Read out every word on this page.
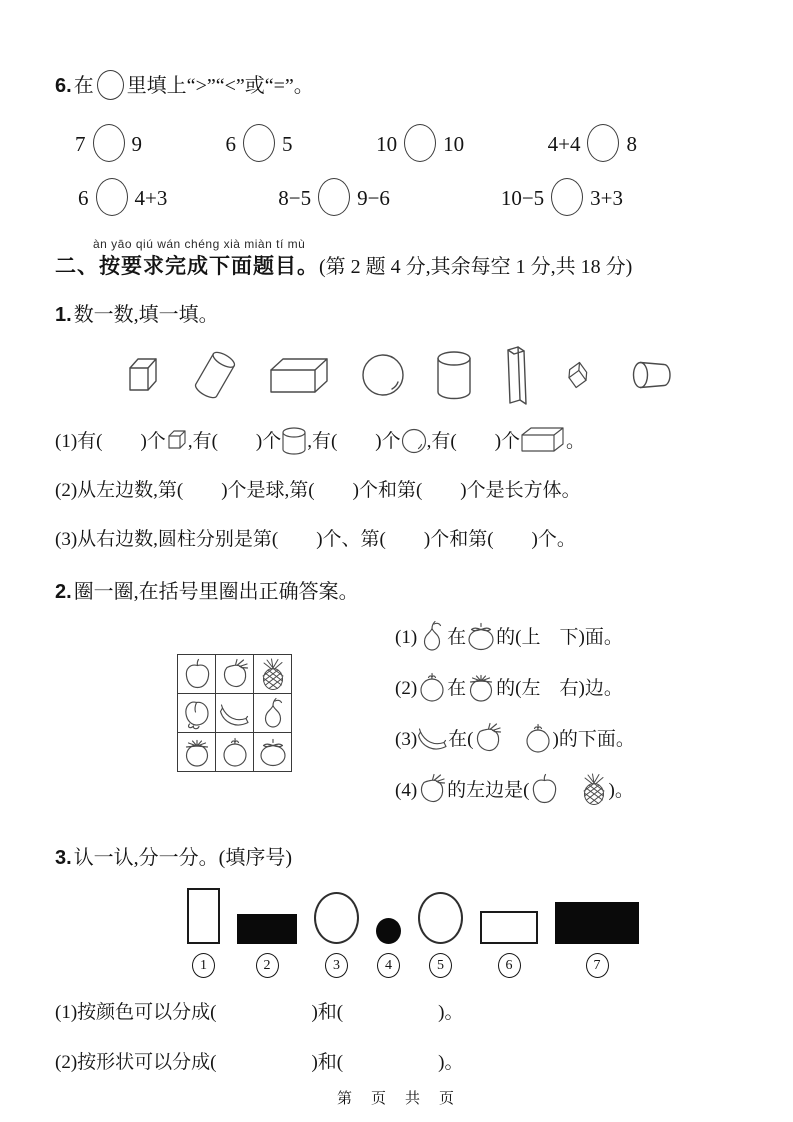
6. 在 里填上“>”“<”或“=”。
7 9	6 5	10 10	4+4 8
6 4+3	8−5 9−6	10−5 3+3
àn yāo qiú wán chéng xià miàn tí mù
二、按要求完成下面题目。(第 2 题 4 分,其余每空 1 分,共 18 分)
1. 数一数,填一填。
(1)有(　　)个 ,有(　　)个 ,有(　　)个 ,有(　　)个 。
(2)从左边数,第(　　)个是球,第(　　)个和第(　　)个是长方体。
(3)从右边数,圆柱分别是第(　　)个、第(　　)个和第(　　)个。
2. 圈一圈,在括号里圈出正确答案。

(1) 在 的(上　下)面。
(2) 在 的(左　右)边。
(3) 在(　	)的下面。
(4) 的左边是(　	)。
3. 认一认,分一分。(填序号)
1	2	3	4	5	6	7
(1)按颜色可以分成(　　　　　)和(　　　　　)。
(2)按形状可以分成(　　　　　)和(　　　　　)。
第　页　共　页
